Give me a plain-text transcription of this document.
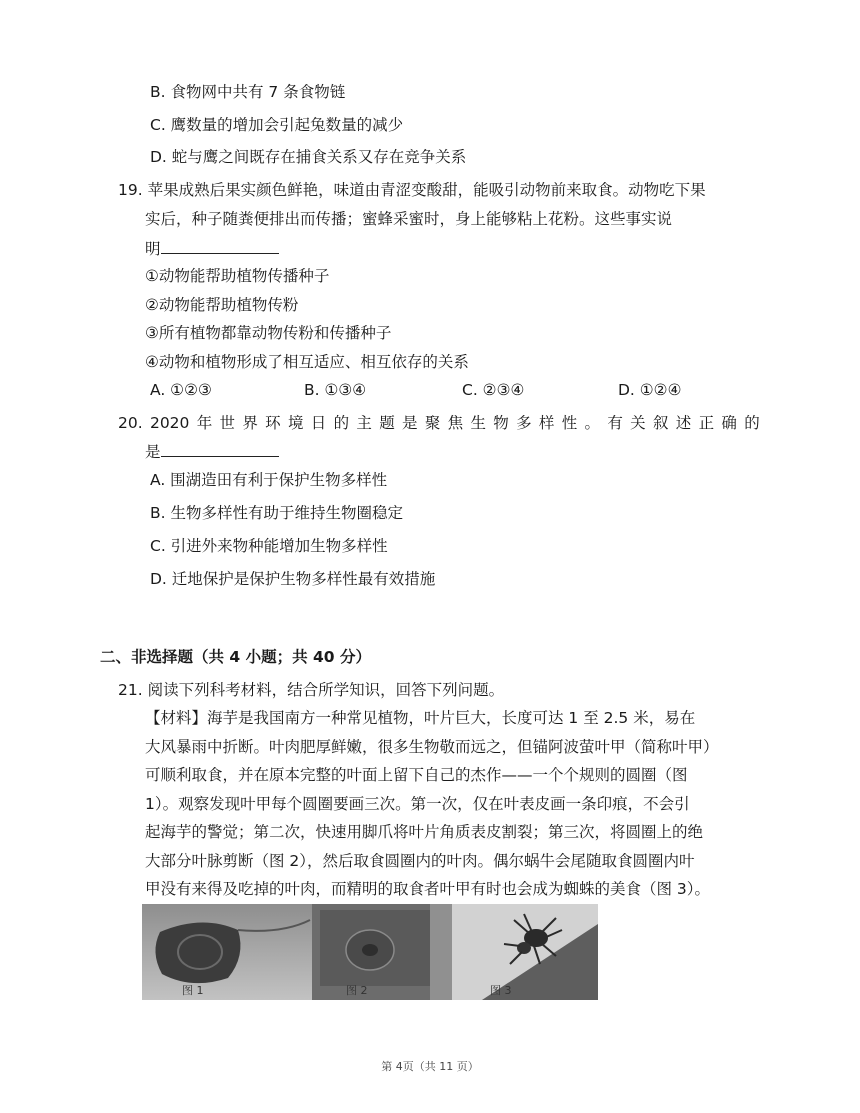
B. 食物网中共有 7 条食物链
C. 鹰数量的增加会引起兔数量的减少
D. 蛇与鹰之间既存在捕食关系又存在竞争关系
19. 苹果成熟后果实颜色鲜艳，味道由青涩变酸甜，能吸引动物前来取食。动物吃下果
实后，种子随粪便排出而传播；蜜蜂采蜜时，身上能够粘上花粉。这些事实说
明
①动物能帮助植物传播种子
②动物能帮助植物传粉
③所有植物都靠动物传粉和传播种子
④动物和植物形成了相互适应、相互依存的关系
A. ①②③	B. ①③④	C. ②③④	D. ①②④
20. 2020 年 世 界 环 境 日 的 主 题 是 聚 焦 生 物 多 样 性 。 有 关 叙 述 正 确 的
是
A. 围湖造田有利于保护生物多样性
B. 生物多样性有助于维持生物圈稳定
C. 引进外来物种能增加生物多样性
D. 迁地保护是保护生物多样性最有效措施
二、非选择题（共 4 小题；共 40 分）
21. 阅读下列科考材料，结合所学知识，回答下列问题。
【材料】海芋是我国南方一种常见植物，叶片巨大，长度可达 1 至 2.5 米，易在
大风暴雨中折断。叶肉肥厚鲜嫩，很多生物敬而远之，但锚阿波萤叶甲（简称叶甲）
可顺利取食，并在原本完整的叶面上留下自己的杰作——一个个规则的圆圈（图
1）。观察发现叶甲每个圆圈要画三次。第一次，仅在叶表皮画一条印痕，不会引
起海芋的警觉；第二次，快速用脚爪将叶片角质表皮割裂；第三次，将圆圈上的绝
大部分叶脉剪断（图 2），然后取食圆圈内的叶肉。偶尔蜗牛会尾随取食圆圈内叶
甲没有来得及吃掉的叶肉，而精明的取食者叶甲有时也会成为蜘蛛的美食（图 3）。
图 1	图 2	图 3
第 4页（共 11 页）
